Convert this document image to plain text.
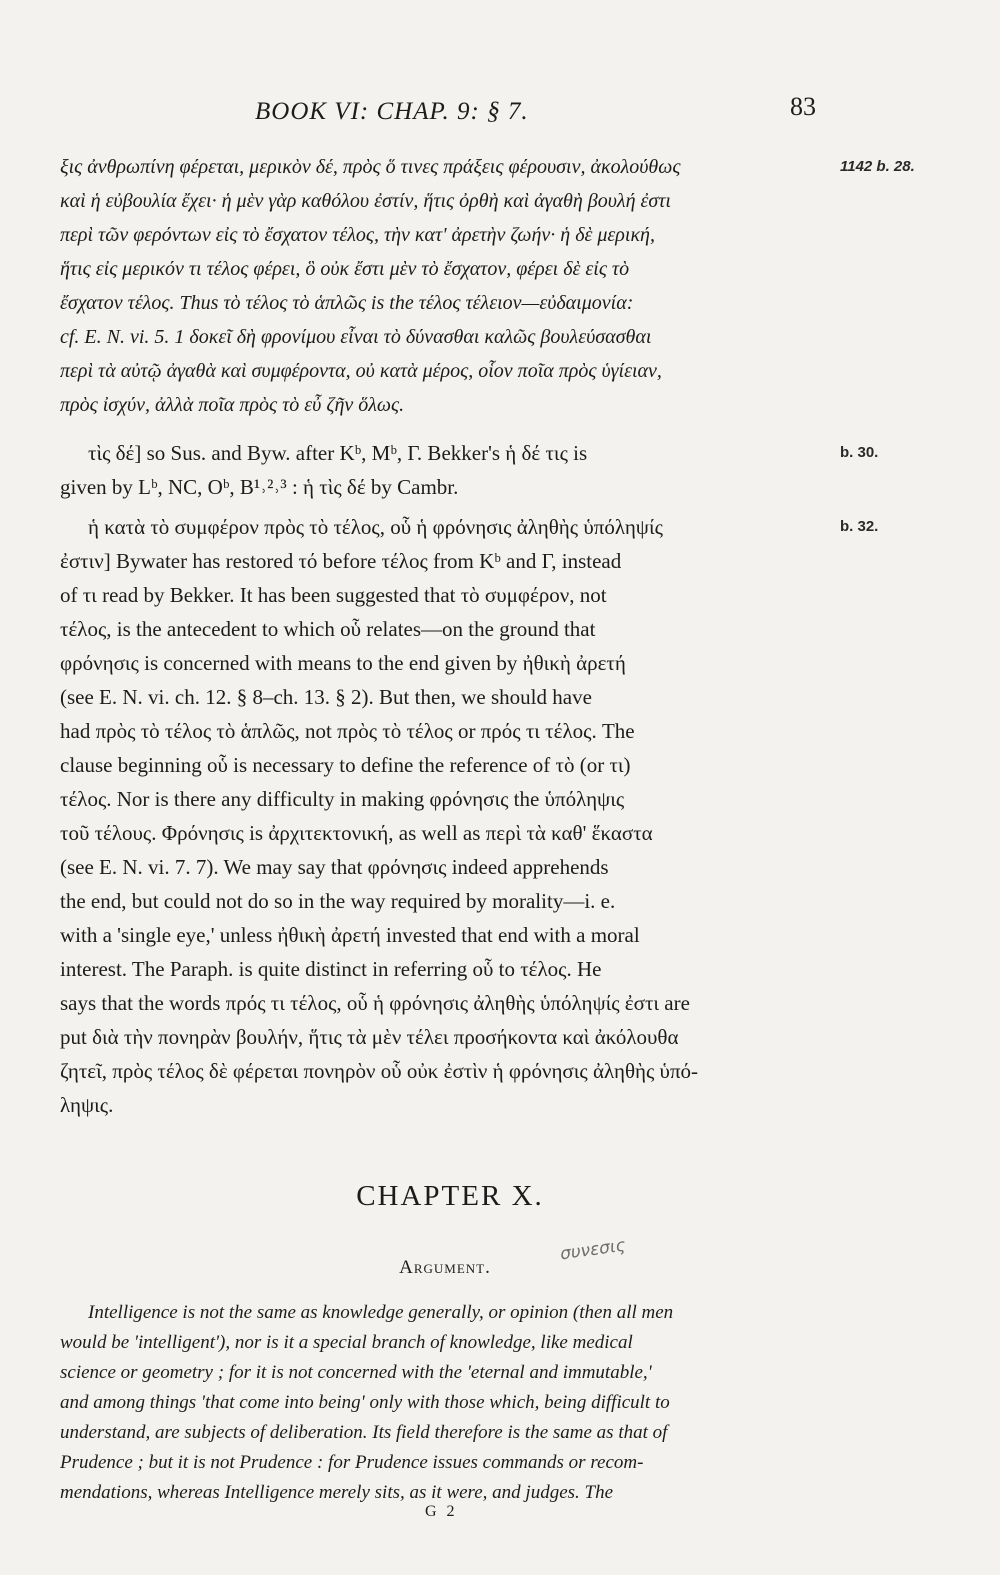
BOOK VI: CHAP. 9: § 7.	83
ξις ἀνθρωπίνη φέρεται, μερικὸν δέ, πρὸς ὅ τινες πράξεις φέρουσιν, ἀκολούθως	1142 b. 28.
καὶ ἡ εὐβουλία ἔχει· ἡ μὲν γὰρ καθόλου ἐστίν, ἥτις ὀρθὴ καὶ ἀγαθὴ βουλή ἐστι
περὶ τῶν φερόντων εἰς τὸ ἔσχατον τέλος, τὴν κατ' ἀρετὴν ζωήν· ἡ δὲ μερική,
ἥτις εἰς μερικόν τι τέλος φέρει, ὃ οὐκ ἔστι μὲν τὸ ἔσχατον, φέρει δὲ εἰς τὸ
ἔσχατον τέλος. Thus τὸ τέλος τὸ ἁπλῶς is the τέλος τέλειον—εὐδαιμονία:
cf. E. N. vi. 5. 1 δοκεῖ δὴ φρονίμου εἶναι τὸ δύνασθαι καλῶς βουλεύσασθαι
περὶ τὰ αὐτῷ ἀγαθὰ καὶ συμφέροντα, οὐ κατὰ μέρος, οἷον ποῖα πρὸς ὑγίειαν,
πρὸς ἰσχύν, ἀλλὰ ποῖα πρὸς τὸ εὖ ζῆν ὅλως.
τὶς δέ] so Sus. and Byw. after Kᵇ, Mᵇ, Γ. Bekker's ἡ δέ τις is	b. 30.
given by Lᵇ, NC, Oᵇ, B¹˒²˒³ : ἡ τὶς δέ by Cambr.
ἡ κατὰ τὸ συμφέρον πρὸς τὸ τέλος, οὗ ἡ φρόνησις ἀληθὴς ὑπόληψίς	b. 32.
ἐστιν] Bywater has restored τό before τέλος from Kᵇ and Γ, instead
of τι read by Bekker. It has been suggested that τὸ συμφέρον, not
τέλος, is the antecedent to which οὗ relates—on the ground that
φρόνησις is concerned with means to the end given by ἠθικὴ ἀρετή
(see E. N. vi. ch. 12. § 8–ch. 13. § 2). But then, we should have
had πρὸς τὸ τέλος τὸ ἁπλῶς, not πρὸς τὸ τέλος or πρός τι τέλος. The
clause beginning οὗ is necessary to define the reference of τὸ (or τι)
τέλος. Nor is there any difficulty in making φρόνησις the ὑπόληψις
τοῦ τέλους. Φρόνησις is ἀρχιτεκτονική, as well as περὶ τὰ καθ' ἕκαστα
(see E. N. vi. 7. 7). We may say that φρόνησις indeed apprehends
the end, but could not do so in the way required by morality—i. e.
with a 'single eye,' unless ἠθικὴ ἀρετή invested that end with a moral
interest. The Paraph. is quite distinct in referring οὗ to τέλος. He
says that the words πρός τι τέλος, οὗ ἡ φρόνησις ἀληθὴς ὑπόληψίς ἐστι are
put διὰ τὴν πονηρὰν βουλήν, ἥτις τὰ μὲν τέλει προσήκοντα καὶ ἀκόλουθα
ζητεῖ, πρὸς τέλος δὲ φέρεται πονηρὸν οὗ οὐκ ἐστὶν ἡ φρόνησις ἀληθὴς ὑπό-
ληψις.
CHAPTER X.
Argument.
συνεσις
Intelligence is not the same as knowledge generally, or opinion (then all men
would be 'intelligent'), nor is it a special branch of knowledge, like medical
science or geometry ; for it is not concerned with the 'eternal and immutable,'
and among things 'that come into being' only with those which, being difficult to
understand, are subjects of deliberation. Its field therefore is the same as that of
Prudence ; but it is not Prudence : for Prudence issues commands or recom-
mendations, whereas Intelligence merely sits, as it were, and judges. The
G 2
